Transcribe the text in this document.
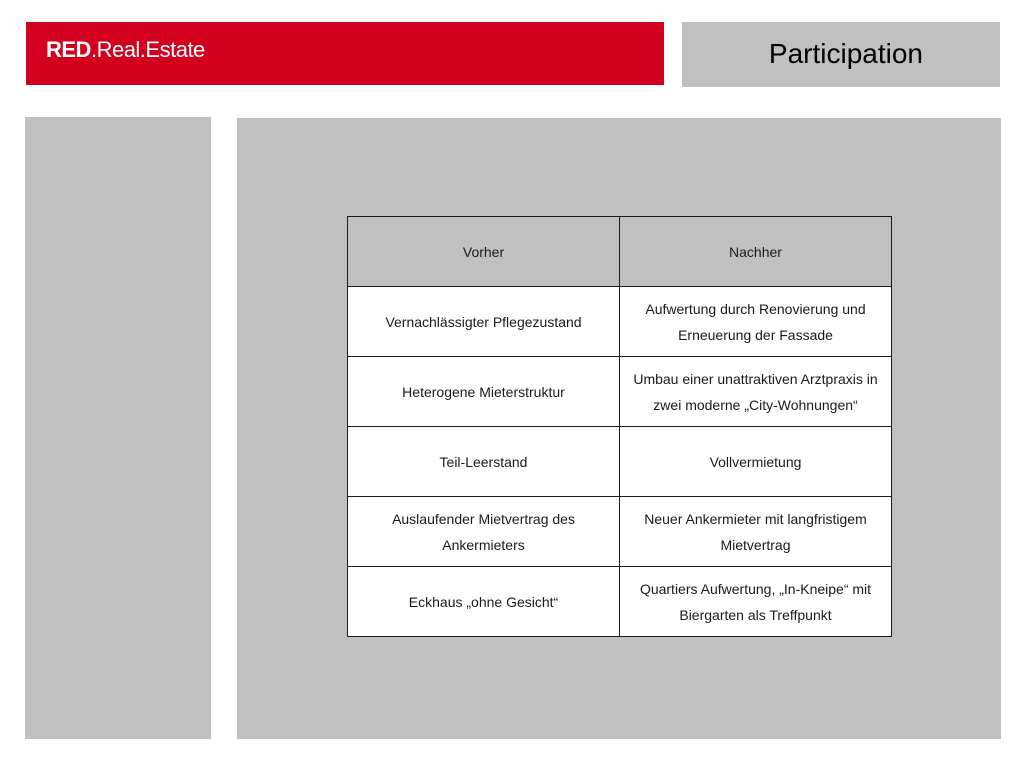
RED.Real.Estate	Participation
Vorher	Nachher
Vernachlässigter Pflegezustand	Aufwertung durch Renovierung und Erneuerung der Fassade
Heterogene Mieterstruktur	Umbau einer unattraktiven Arztpraxis in zwei moderne „City-Wohnungen“
Teil-Leerstand	Vollvermietung
Auslaufender Mietvertrag des Ankermieters	Neuer Ankermieter mit langfristigem Mietvertrag
Eckhaus „ohne Gesicht“	Quartiers Aufwertung, „In-Kneipe“ mit Biergarten als Treffpunkt
